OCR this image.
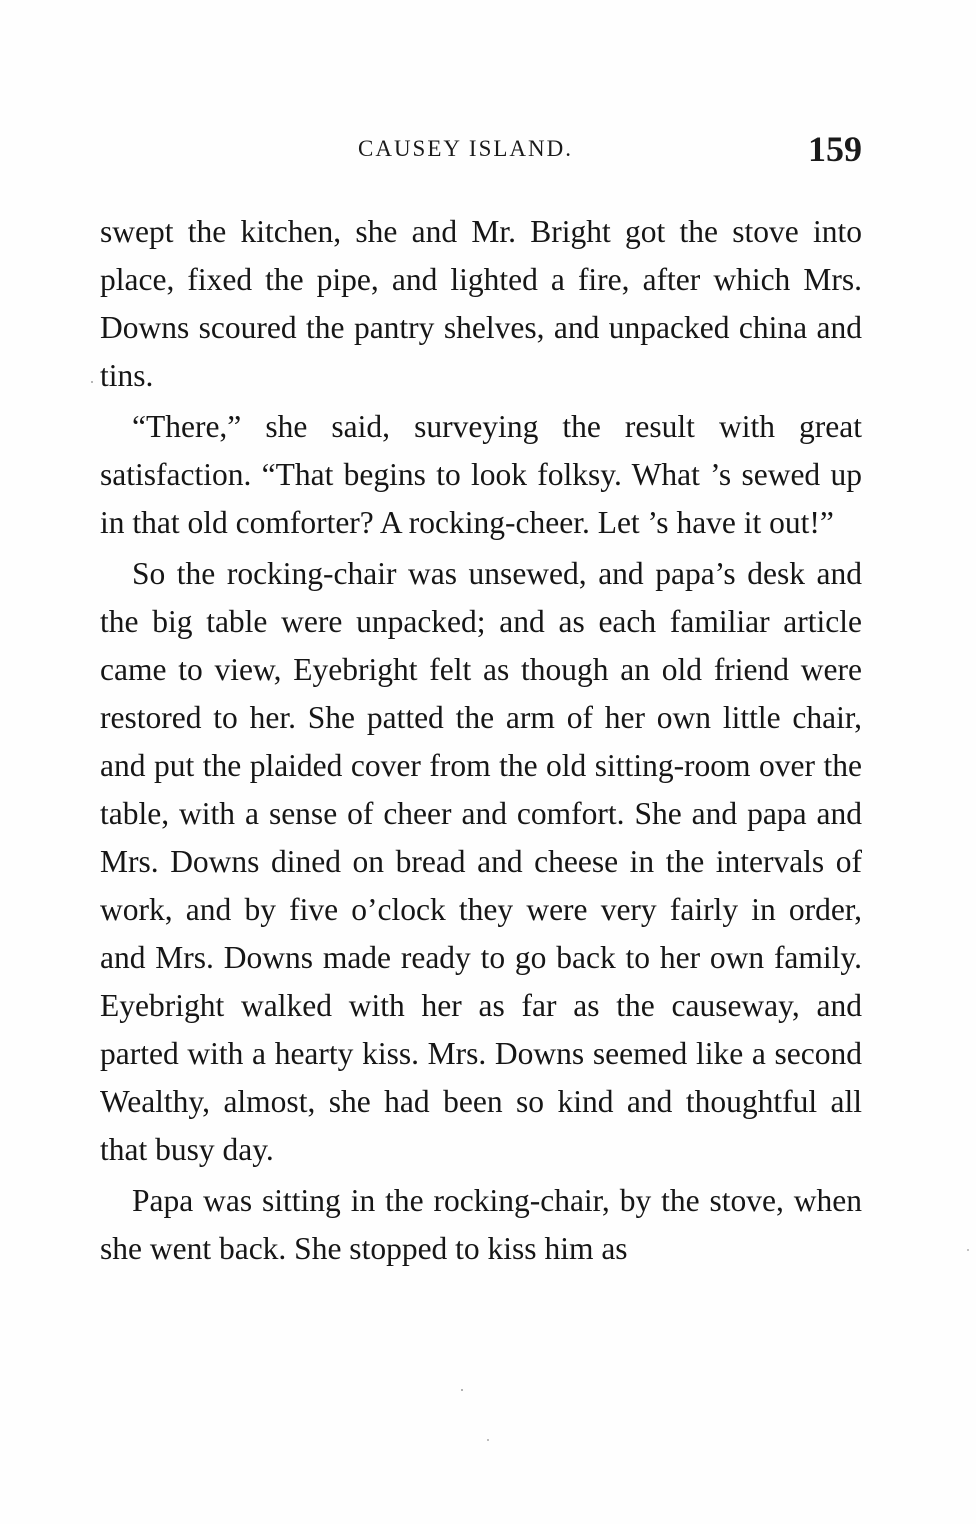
CAUSEY ISLAND.	159

swept the kitchen, she and Mr. Bright got the stove into place, fixed the pipe, and lighted a fire, after which Mrs. Downs scoured the pantry shelves, and unpacked china and tins.

“There,” she said, surveying the result with great satisfaction. “That begins to look folksy. What ’s sewed up in that old comforter? A rocking-cheer. Let ’s have it out!”

So the rocking-chair was unsewed, and papa’s desk and the big table were unpacked; and as each familiar article came to view, Eyebright felt as though an old friend were restored to her. She patted the arm of her own little chair, and put the plaided cover from the old sitting-room over the table, with a sense of cheer and comfort. She and papa and Mrs. Downs dined on bread and cheese in the intervals of work, and by five o’clock they were very fairly in order, and Mrs. Downs made ready to go back to her own family. Eyebright walked with her as far as the causeway, and parted with a hearty kiss. Mrs. Downs seemed like a second Wealthy, almost, she had been so kind and thoughtful all that busy day.

Papa was sitting in the rocking-chair, by the stove, when she went back. She stopped to kiss him as
